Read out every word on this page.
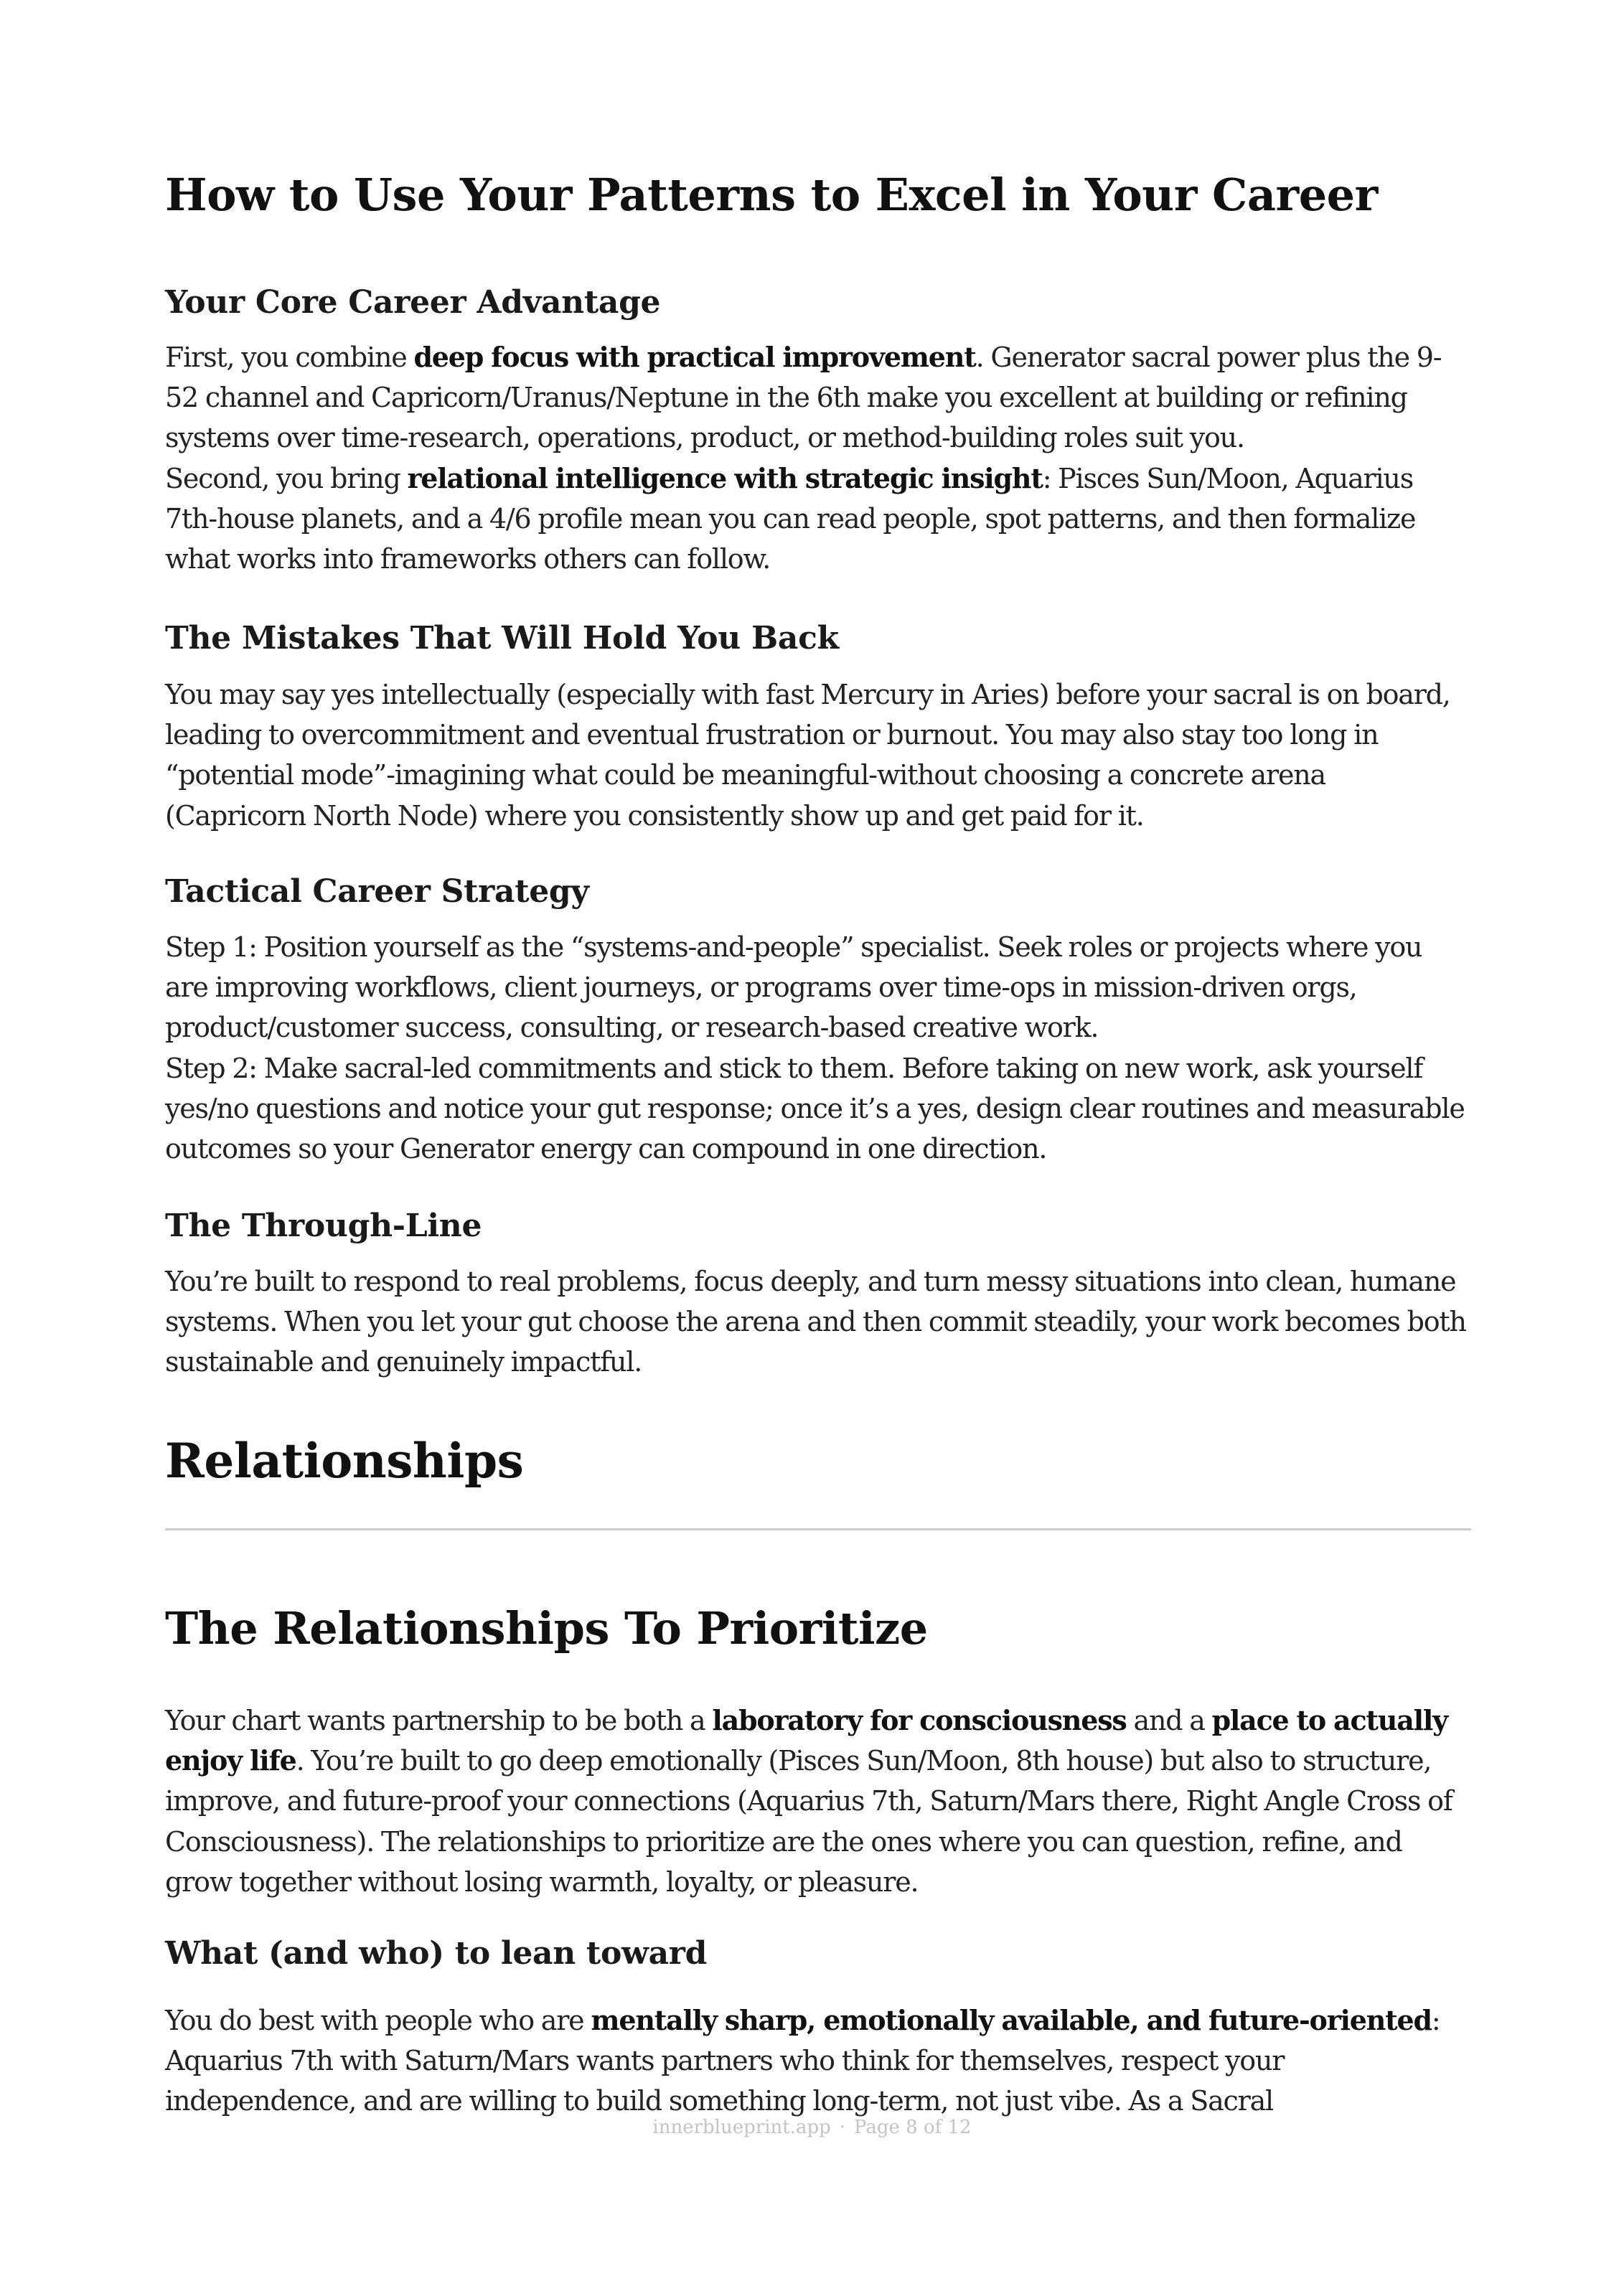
How to Use Your Patterns to Excel in Your Career
Your Core Career Advantage

First, you combine deep focus with practical improvement. Generator sacral power plus the 9-52 channel and Capricorn/Uranus/Neptune in the 6th make you excellent at building or refining systems over time-research, operations, product, or method-building roles suit you.

Second, you bring relational intelligence with strategic insight: Pisces Sun/Moon, Aquarius 7th-house planets, and a 4/6 profile mean you can read people, spot patterns, and then formalize what works into frameworks others can follow.

The Mistakes That Will Hold You Back

You may say yes intellectually (especially with fast Mercury in Aries) before your sacral is on board, leading to overcommitment and eventual frustration or burnout. You may also stay too long in “potential mode”-imagining what could be meaningful-without choosing a concrete arena (Capricorn North Node) where you consistently show up and get paid for it.

Tactical Career Strategy

Step 1: Position yourself as the “systems-and-people” specialist. Seek roles or projects where you are improving workflows, client journeys, or programs over time-ops in mission-driven orgs, product/customer success, consulting, or research-based creative work.

Step 2: Make sacral-led commitments and stick to them. Before taking on new work, ask yourself yes/no questions and notice your gut response; once it’s a yes, design clear routines and measurable outcomes so your Generator energy can compound in one direction.

The Through-Line

You’re built to respond to real problems, focus deeply, and turn messy situations into clean, humane systems. When you let your gut choose the arena and then commit steadily, your work becomes both sustainable and genuinely impactful.

Relationships
The Relationships To Prioritize

Your chart wants partnership to be both a laboratory for consciousness and a place to actually enjoy life. You’re built to go deep emotionally (Pisces Sun/Moon, 8th house) but also to structure, improve, and future-proof your connections (Aquarius 7th, Saturn/Mars there, Right Angle Cross of Consciousness). The relationships to prioritize are the ones where you can question, refine, and grow together without losing warmth, loyalty, or pleasure.

What (and who) to lean toward

You do best with people who are mentally sharp, emotionally available, and future-oriented: Aquarius 7th with Saturn/Mars wants partners who think for themselves, respect your independence, and are willing to build something long-term, not just vibe. As a Sacral

innerblueprint.app · Page 8 of 12
